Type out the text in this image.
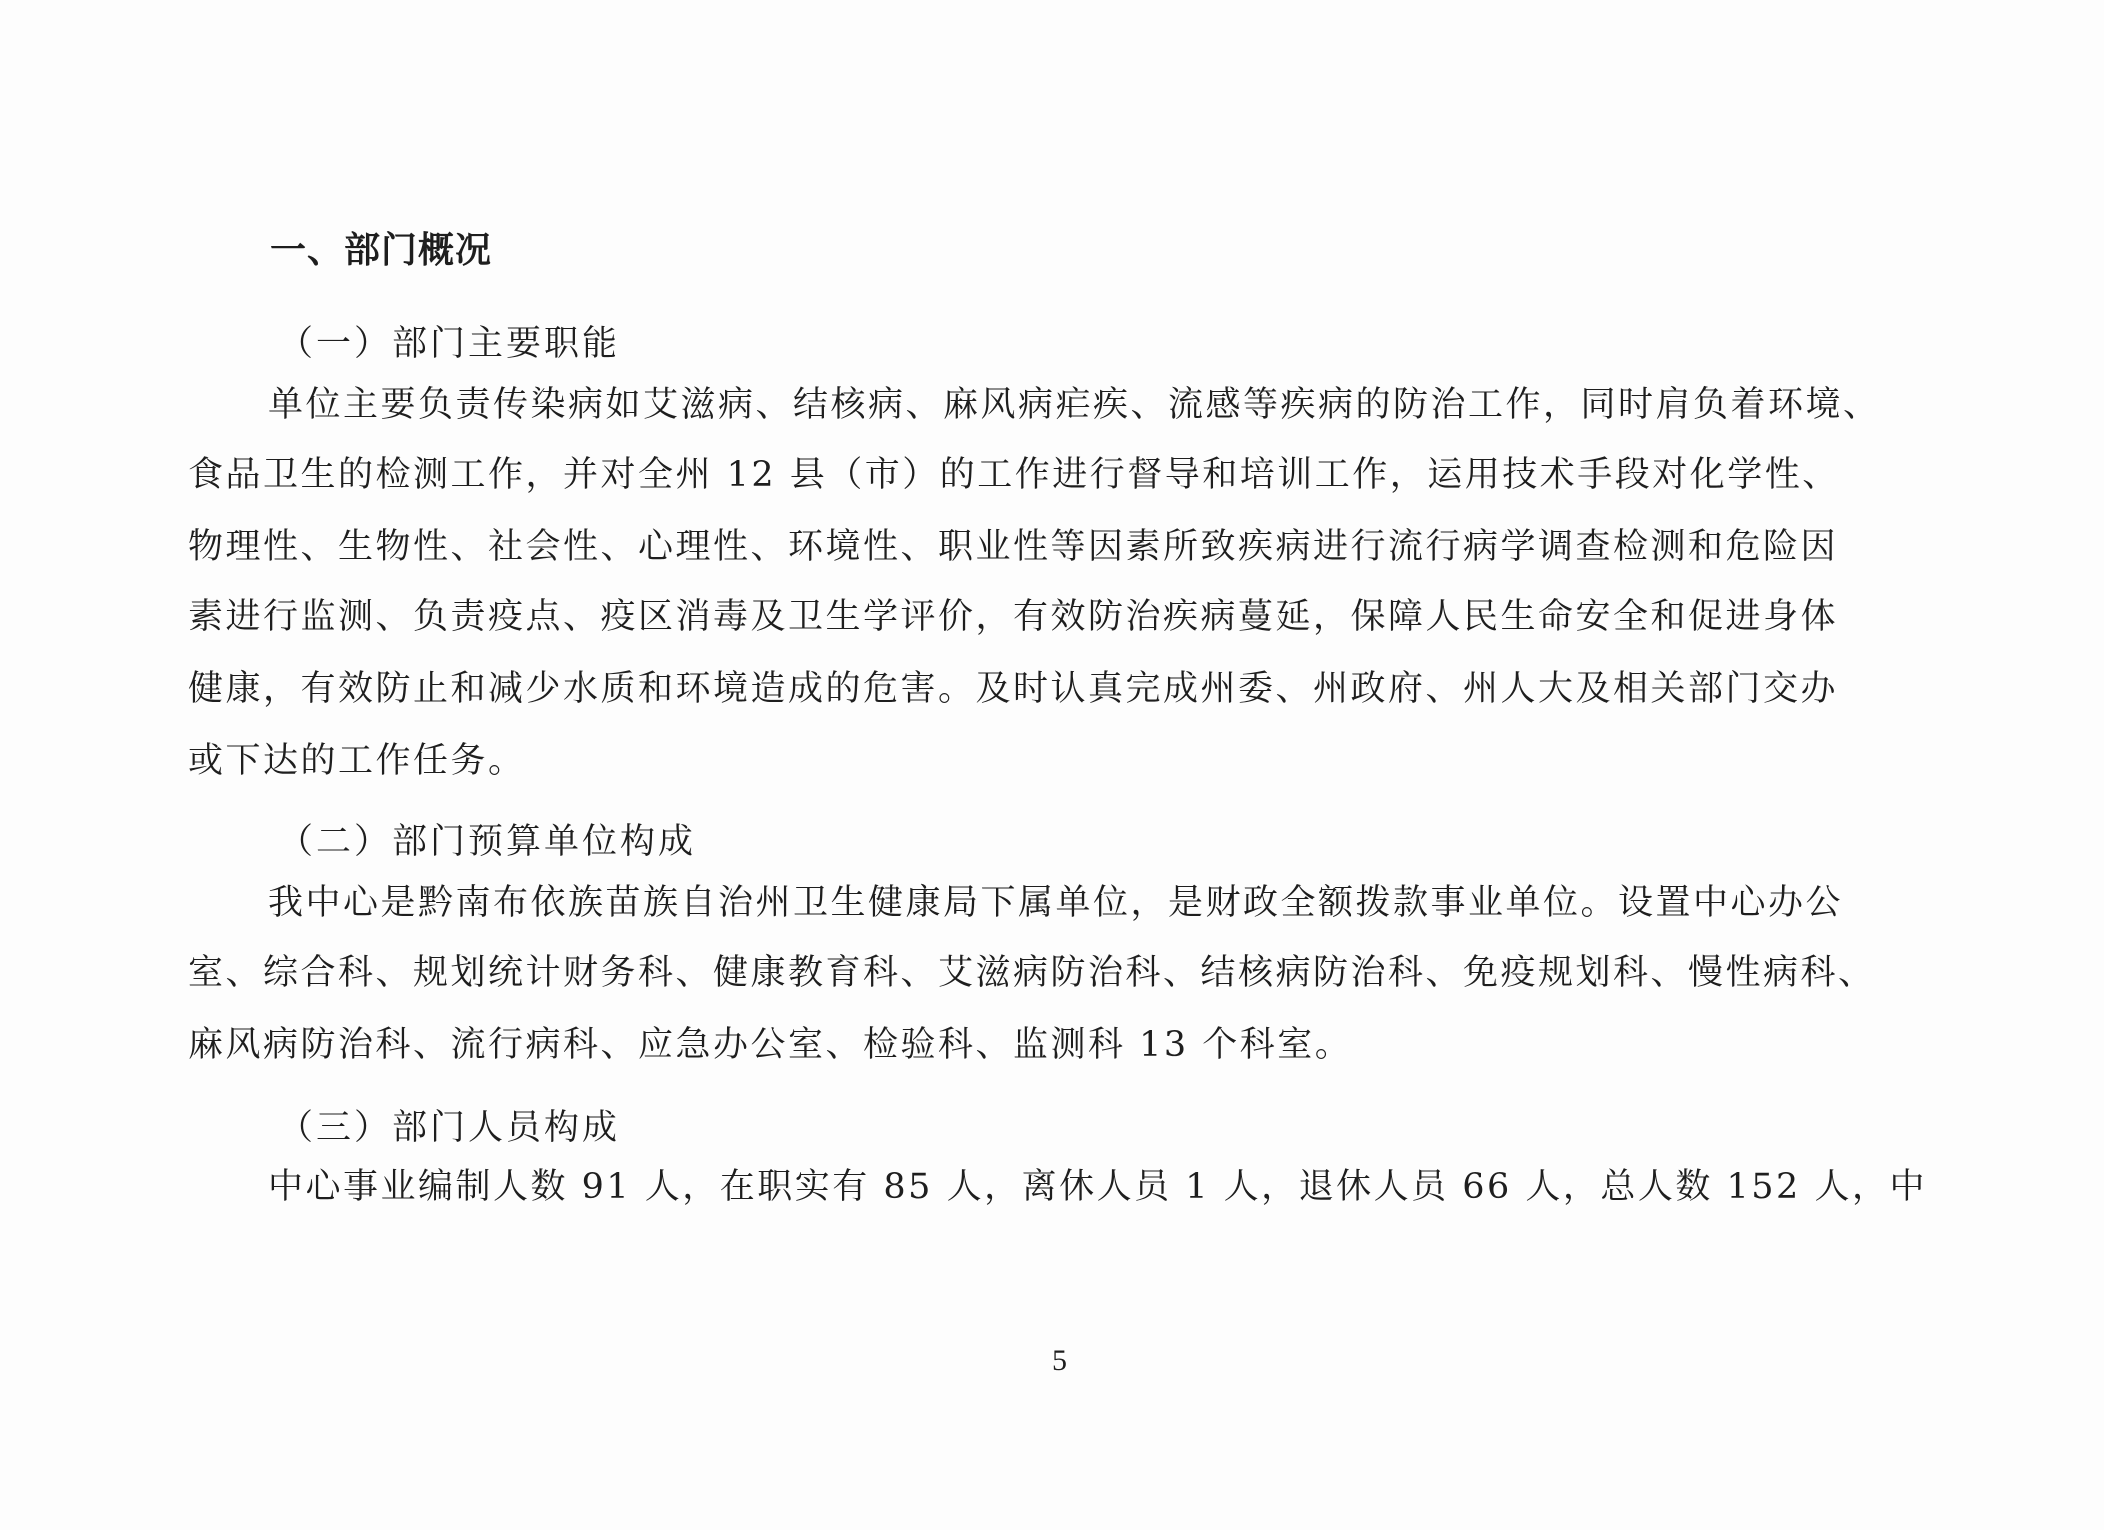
一、部门概况
（一）部门主要职能
单位主要负责传染病如艾滋病、结核病、麻风病疟疾、流感等疾病的防治工作，同时肩负着环境、
食品卫生的检测工作，并对全州 12 县（市）的工作进行督导和培训工作，运用技术手段对化学性、
物理性、生物性、社会性、心理性、环境性、职业性等因素所致疾病进行流行病学调查检测和危险因
素进行监测、负责疫点、疫区消毒及卫生学评价，有效防治疾病蔓延，保障人民生命安全和促进身体
健康，有效防止和减少水质和环境造成的危害。及时认真完成州委、州政府、州人大及相关部门交办
或下达的工作任务。
（二）部门预算单位构成
我中心是黔南布依族苗族自治州卫生健康局下属单位，是财政全额拨款事业单位。设置中心办公
室、综合科、规划统计财务科、健康教育科、艾滋病防治科、结核病防治科、免疫规划科、慢性病科、
麻风病防治科、流行病科、应急办公室、检验科、监测科 13 个科室。
（三）部门人员构成
中心事业编制人数 91 人，在职实有 85 人，离休人员 1 人，退休人员 66 人，总人数 152 人，中
5
